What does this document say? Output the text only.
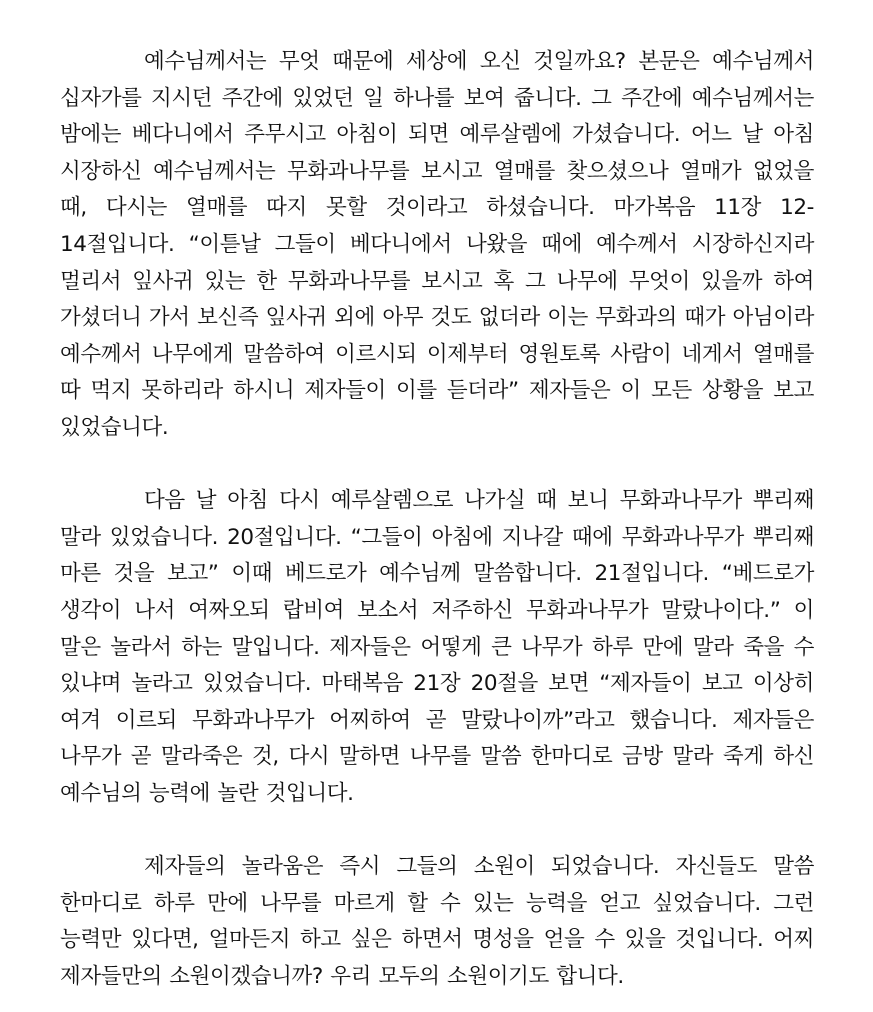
예수님께서는 무엇 때문에 세상에 오신 것일까요? 본문은 예수님께서 십자가를 지시던 주간에 있었던 일 하나를 보여 줍니다. 그 주간에 예수님께서는 밤에는 베다니에서 주무시고 아침이 되면 예루살렘에 가셨습니다. 어느 날 아침 시장하신 예수님께서는 무화과나무를 보시고 열매를 찾으셨으나 열매가 없었을 때, 다시는 열매를 따지 못할 것이라고 하셨습니다. 마가복음 11장 12-14절입니다. “이튿날 그들이 베다니에서 나왔을 때에 예수께서 시장하신지라 멀리서 잎사귀 있는 한 무화과나무를 보시고 혹 그 나무에 무엇이 있을까 하여 가셨더니 가서 보신즉 잎사귀 외에 아무 것도 없더라 이는 무화과의 때가 아님이라 예수께서 나무에게 말씀하여 이르시되 이제부터 영원토록 사람이 네게서 열매를 따 먹지 못하리라 하시니 제자들이 이를 듣더라” 제자들은 이 모든 상황을 보고 있었습니다.

다음 날 아침 다시 예루살렘으로 나가실 때 보니 무화과나무가 뿌리째 말라 있었습니다. 20절입니다. “그들이 아침에 지나갈 때에 무화과나무가 뿌리째 마른 것을 보고” 이때 베드로가 예수님께 말씀합니다. 21절입니다. “베드로가 생각이 나서 여짜오되 랍비여 보소서 저주하신 무화과나무가 말랐나이다.” 이 말은 놀라서 하는 말입니다. 제자들은 어떻게 큰 나무가 하루 만에 말라 죽을 수 있냐며 놀라고 있었습니다. 마태복음 21장 20절을 보면 “제자들이 보고 이상히 여겨 이르되 무화과나무가 어찌하여 곧 말랐나이까”라고 했습니다. 제자들은 나무가 곧 말라죽은 것, 다시 말하면 나무를 말씀 한마디로 금방 말라 죽게 하신 예수님의 능력에 놀란 것입니다.

제자들의 놀라움은 즉시 그들의 소원이 되었습니다. 자신들도 말씀 한마디로 하루 만에 나무를 마르게 할 수 있는 능력을 얻고 싶었습니다. 그런 능력만 있다면, 얼마든지 하고 싶은 하면서 명성을 얻을 수 있을 것입니다. 어찌 제자들만의 소원이겠습니까? 우리 모두의 소원이기도 합니다.
